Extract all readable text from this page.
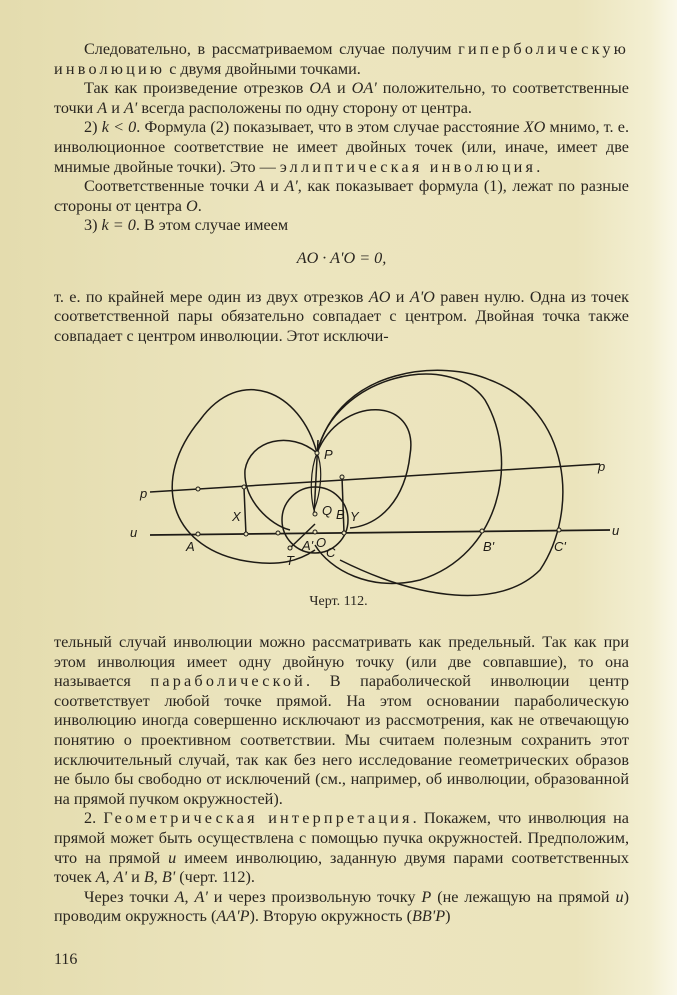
Следовательно, в рассматриваемом случае получим гиперболическую инволюцию с двумя двойными точками.

Так как произведение отрезков OA и OA' положительно, то соответственные точки A и A' всегда расположены по одну сторону от центра.

2) k < 0. Формула (2) показывает, что в этом случае расстояние XO мнимо, т. е. инволюционное соответствие не имеет двойных точек (или, иначе, имеет две мнимые двойные точки). Это — эллиптическая инволюция.

Соответственные точки A и A', как показывает формула (1), лежат по разные стороны от центра O.

3) k = 0. В этом случае имеем

AO · A'O = 0,

т. е. по крайней мере один из двух отрезков AO и A'O равен нулю. Одна из точек соответственной пары обязательно совпадает с центром. Двойная точка также совпадает с центром инволюции. Этот исключи-

P
p
p
u	u
X	Y
Q B
A	A' O
C
T
B'	C'
Черт. 112.

тельный случай инволюции можно рассматривать как предельный. Так как при этом инволюция имеет одну двойную точку (или две совпавшие), то она называется параболической. В параболической инволюции центр соответствует любой точке прямой. На этом основании параболическую инволюцию иногда совершенно исключают из рассмотрения, как не отвечающую понятию о проективном соответствии. Мы считаем полезным сохранить этот исключительный случай, так как без него исследование геометрических образов не было бы свободно от исключений (см., например, об инволюции, образованной на прямой пучком окружностей).

2. Геометрическая интерпретация. Покажем, что инволюция на прямой может быть осуществлена с помощью пучка окружностей. Предположим, что на прямой u имеем инволюцию, заданную двумя парами соответственных точек A, A' и B, B' (черт. 112).

Через точки A, A' и через произвольную точку P (не лежащую на прямой u) проводим окружность (AA'P). Вторую окружность (BB'P)

116
